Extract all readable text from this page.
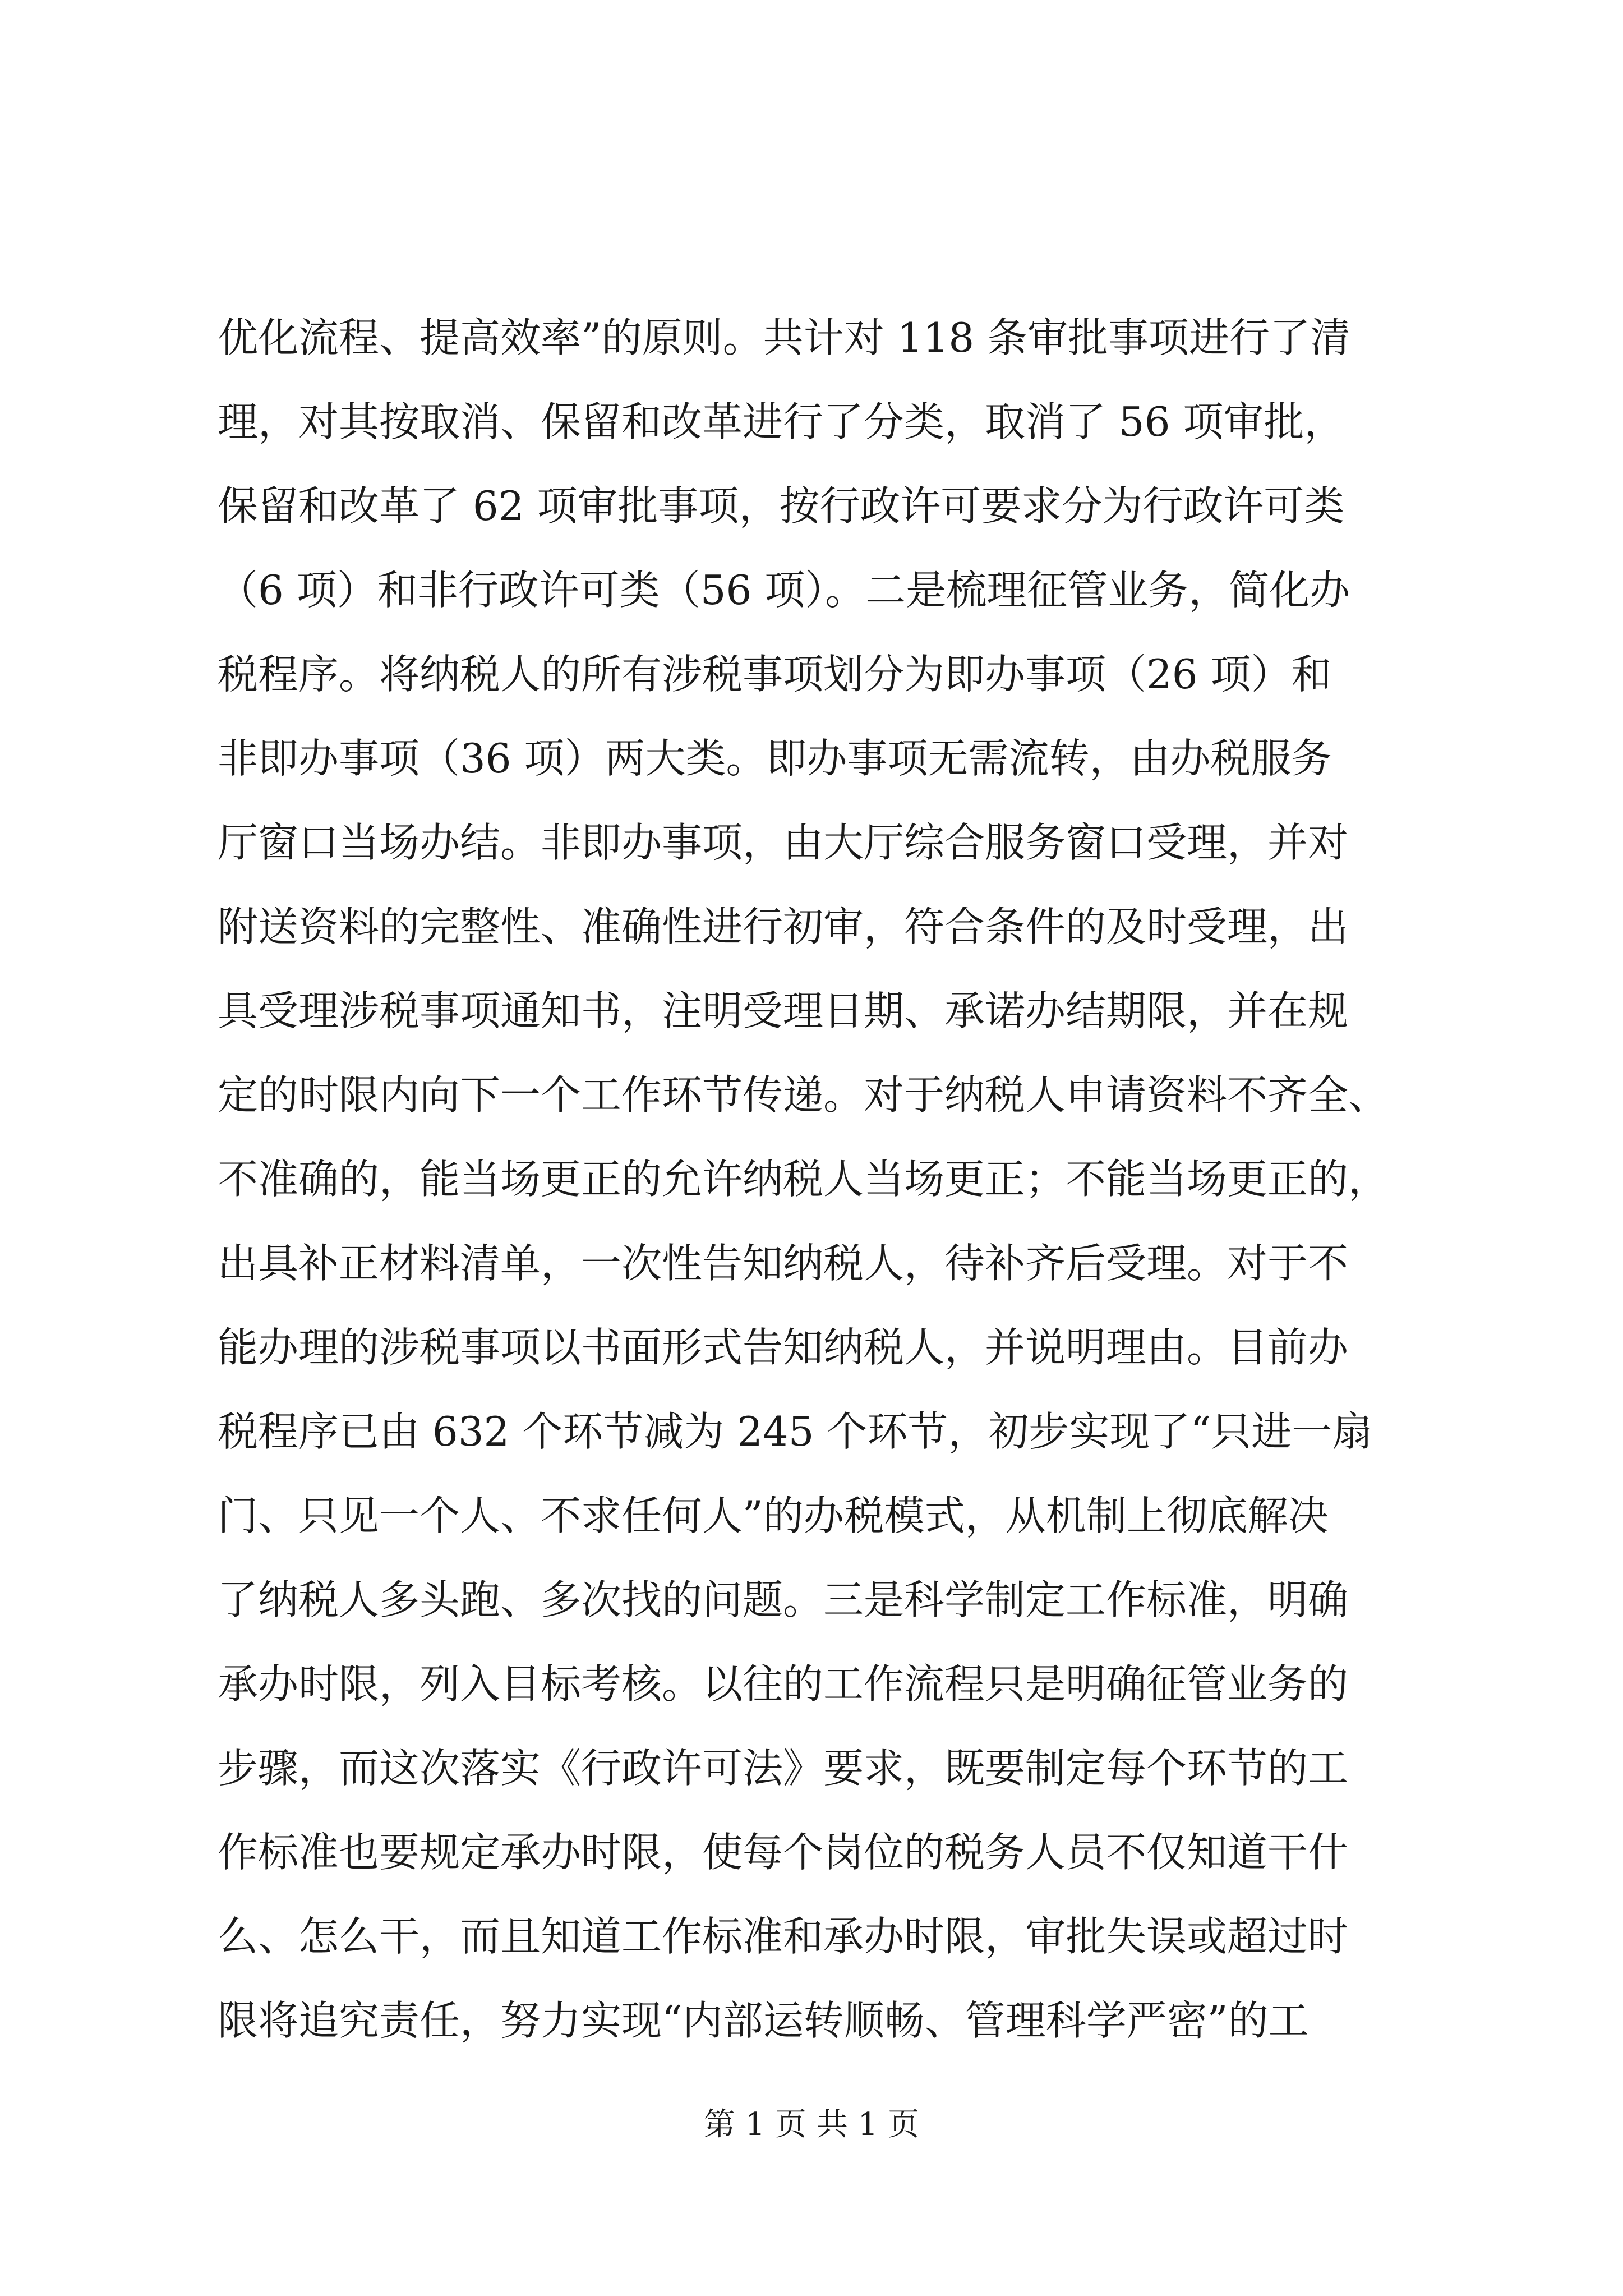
优化流程、提高效率”的原则。共计对 118 条审批事项进行了清
理，对其按取消、保留和改革进行了分类，取消了 56 项审批，
保留和改革了 62 项审批事项，按行政许可要求分为行政许可类
（6 项）和非行政许可类（56 项）。二是梳理征管业务，简化办
税程序。将纳税人的所有涉税事项划分为即办事项（26 项）和
非即办事项（36 项）两大类。即办事项无需流转，由办税服务
厅窗口当场办结。非即办事项，由大厅综合服务窗口受理，并对
附送资料的完整性、准确性进行初审，符合条件的及时受理，出
具受理涉税事项通知书，注明受理日期、承诺办结期限，并在规
定的时限内向下一个工作环节传递。对于纳税人申请资料不齐全、
不准确的，能当场更正的允许纳税人当场更正；不能当场更正的，
出具补正材料清单，一次性告知纳税人，待补齐后受理。对于不
能办理的涉税事项以书面形式告知纳税人，并说明理由。目前办
税程序已由 632 个环节减为 245 个环节，初步实现了“只进一扇
门、只见一个人、不求任何人”的办税模式，从机制上彻底解决
了纳税人多头跑、多次找的问题。三是科学制定工作标准，明确
承办时限，列入目标考核。以往的工作流程只是明确征管业务的
步骤，而这次落实《行政许可法》要求，既要制定每个环节的工
作标准也要规定承办时限，使每个岗位的税务人员不仅知道干什
么、怎么干，而且知道工作标准和承办时限，审批失误或超过时
限将追究责任，努力实现“内部运转顺畅、管理科学严密”的工
第 1 页 共 1 页
